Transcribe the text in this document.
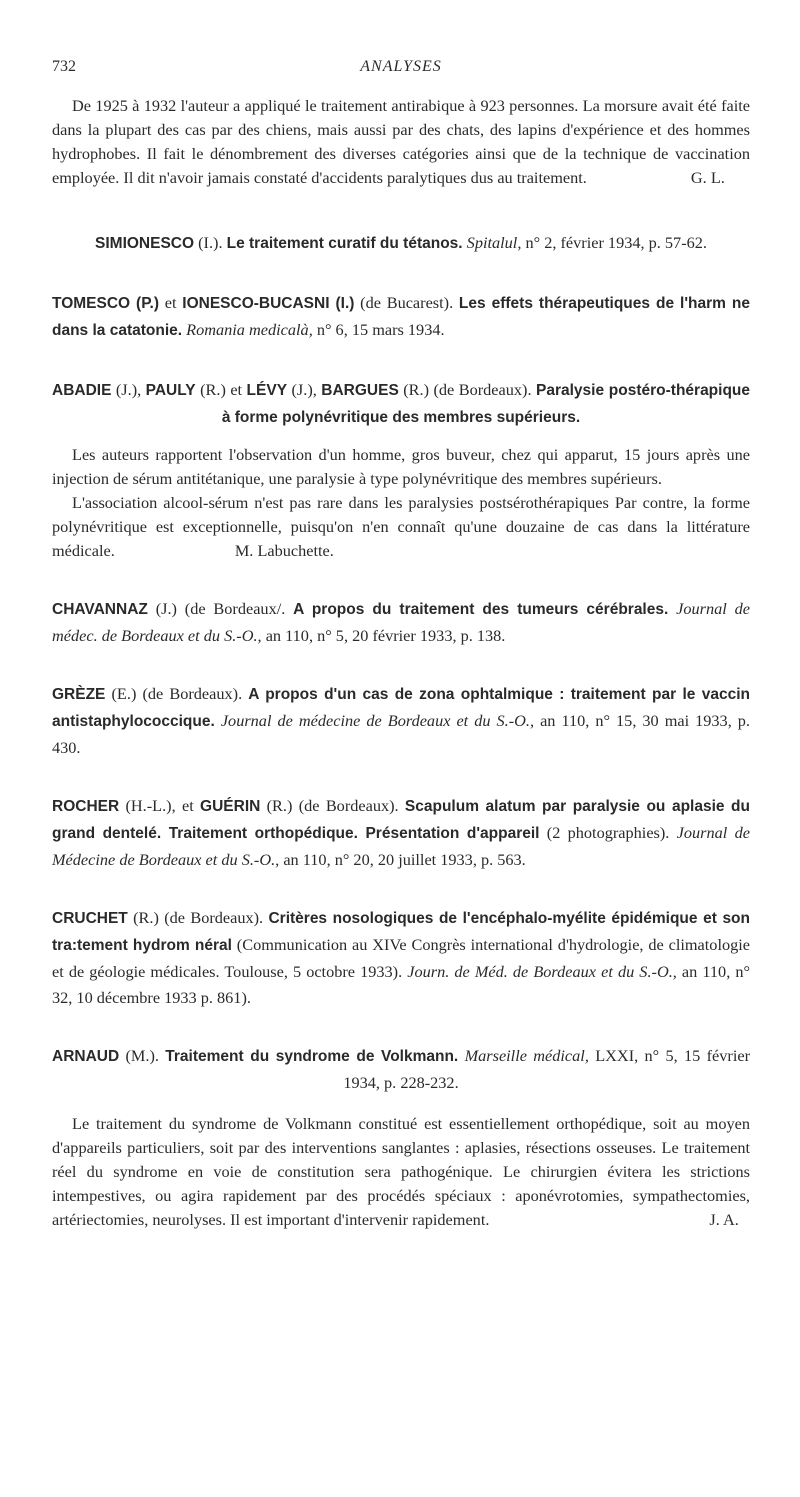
732	ANALYSES
De 1925 à 1932 l'auteur a appliqué le traitement antirabique à 923 personnes. La morsure avait été faite dans la plupart des cas par des chiens, mais aussi par des chats, des lapins d'expérience et des hommes hydrophobes. Il fait le dénombrement des diverses catégories ainsi que de la technique de vaccination employée. Il dit n'avoir jamais constaté d'accidents paralytiques dus au traitement.	G. L.
SIMIONESCO (I.). Le traitement curatif du tétanos. Spitalul, n° 2, février 1934, p. 57-62.
TOMESCO (P.) et IONESCO-BUCASNI (I.) (de Bucarest). Les effets thérapeutiques de l'harm ne dans la catatonie. Romania medicalà, n° 6, 15 mars 1934.
ABADIE (J.), PAULY (R.) et LÉVY (J.), BARGUES (R.) (de Bordeaux). Paralysie postéro-thérapique à forme polynévritique des membres supérieurs.

Les auteurs rapportent l'observation d'un homme, gros buveur, chez qui apparut, 15 jours après une injection de sérum antitétanique, une paralysie à type polynévritique des membres supérieurs.

L'association alcool-sérum n'est pas rare dans les paralysies postsérothérapiques Par contre, la forme polynévritique est exceptionnelle, puisqu'on n'en connaît qu'une douzaine de cas dans la littérature médicale.	M. Labuchette.

CHAVANNAZ (J.) (de Bordeaux/. A propos du traitement des tumeurs cérébrales. Journal de médec. de Bordeaux et du S.-O., an 110, n° 5, 20 février 1933, p. 138.
GRÈZE (E.) (de Bordeaux). A propos d'un cas de zona ophtalmique : traitement par le vaccin antistaphylococcique. Journal de médecine de Bordeaux et du S.-O., an 110, n° 15, 30 mai 1933, p. 430.
ROCHER (H.-L.), et GUÉRIN (R.) (de Bordeaux). Scapulum alatum par paralysie ou aplasie du grand dentelé. Traitement orthopédique. Présentation d'appareil (2 photographies). Journal de Médecine de Bordeaux et du S.-O., an 110, n° 20, 20 juillet 1933, p. 563.
CRUCHET (R.) (de Bordeaux). Critères nosologiques de l'encéphalo-myélite épidémique et son tra:tement hydrom néral (Communication au XIVe Congrès international d'hydrologie, de climatologie et de géologie médicales. Toulouse, 5 octobre 1933). Journ. de Méd. de Bordeaux et du S.-O., an 110, n° 32, 10 décembre 1933 p. 861).
ARNAUD (M.). Traitement du syndrome de Volkmann. Marseille médical, LXXI, n° 5, 15 février 1934, p. 228-232.

Le traitement du syndrome de Volkmann constitué est essentiellement orthopédique, soit au moyen d'appareils particuliers, soit par des interventions sanglantes : aplasies, résections osseuses. Le traitement réel du syndrome en voie de constitution sera pathogénique. Le chirurgien évitera les strictions intempestives, ou agira rapidement par des procédés spéciaux : aponévrotomies, sympathectomies, artériectomies, neurolyses. Il est important d'intervenir rapidement.	J. A.
